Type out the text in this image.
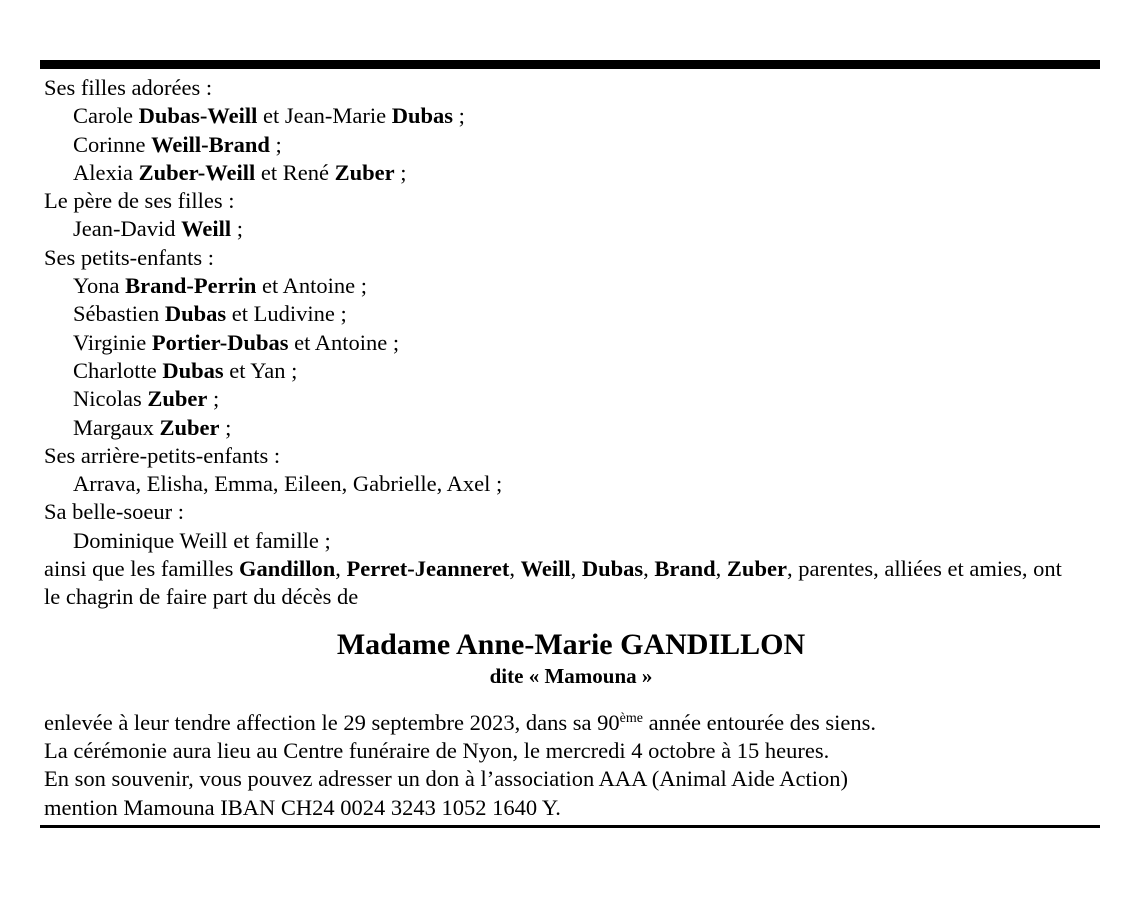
Ses filles adorées :
Carole Dubas-Weill et Jean-Marie Dubas ;
Corinne Weill-Brand ;
Alexia Zuber-Weill et René Zuber ;
Le père de ses filles :
Jean-David Weill ;
Ses petits-enfants :
Yona Brand-Perrin et Antoine ;
Sébastien Dubas et Ludivine ;
Virginie Portier-Dubas et Antoine ;
Charlotte Dubas et Yan ;
Nicolas Zuber ;
Margaux Zuber ;
Ses arrière-petits-enfants :
Arrava, Elisha, Emma, Eileen, Gabrielle, Axel ;
Sa belle-soeur :
Dominique Weill et famille ;
ainsi que les familles Gandillon, Perret-Jeanneret, Weill, Dubas, Brand, Zuber, parentes, alliées et amies, ont le chagrin de faire part du décès de
Madame Anne-Marie GANDILLON
dite « Mamouna »
enlevée à leur tendre affection le 29 septembre 2023, dans sa 90ème année entourée des siens.
La cérémonie aura lieu au Centre funéraire de Nyon, le mercredi 4 octobre à 15 heures.
En son souvenir, vous pouvez adresser un don à l’association AAA (Animal Aide Action)
mention Mamouna IBAN CH24 0024 3243 1052 1640 Y.
